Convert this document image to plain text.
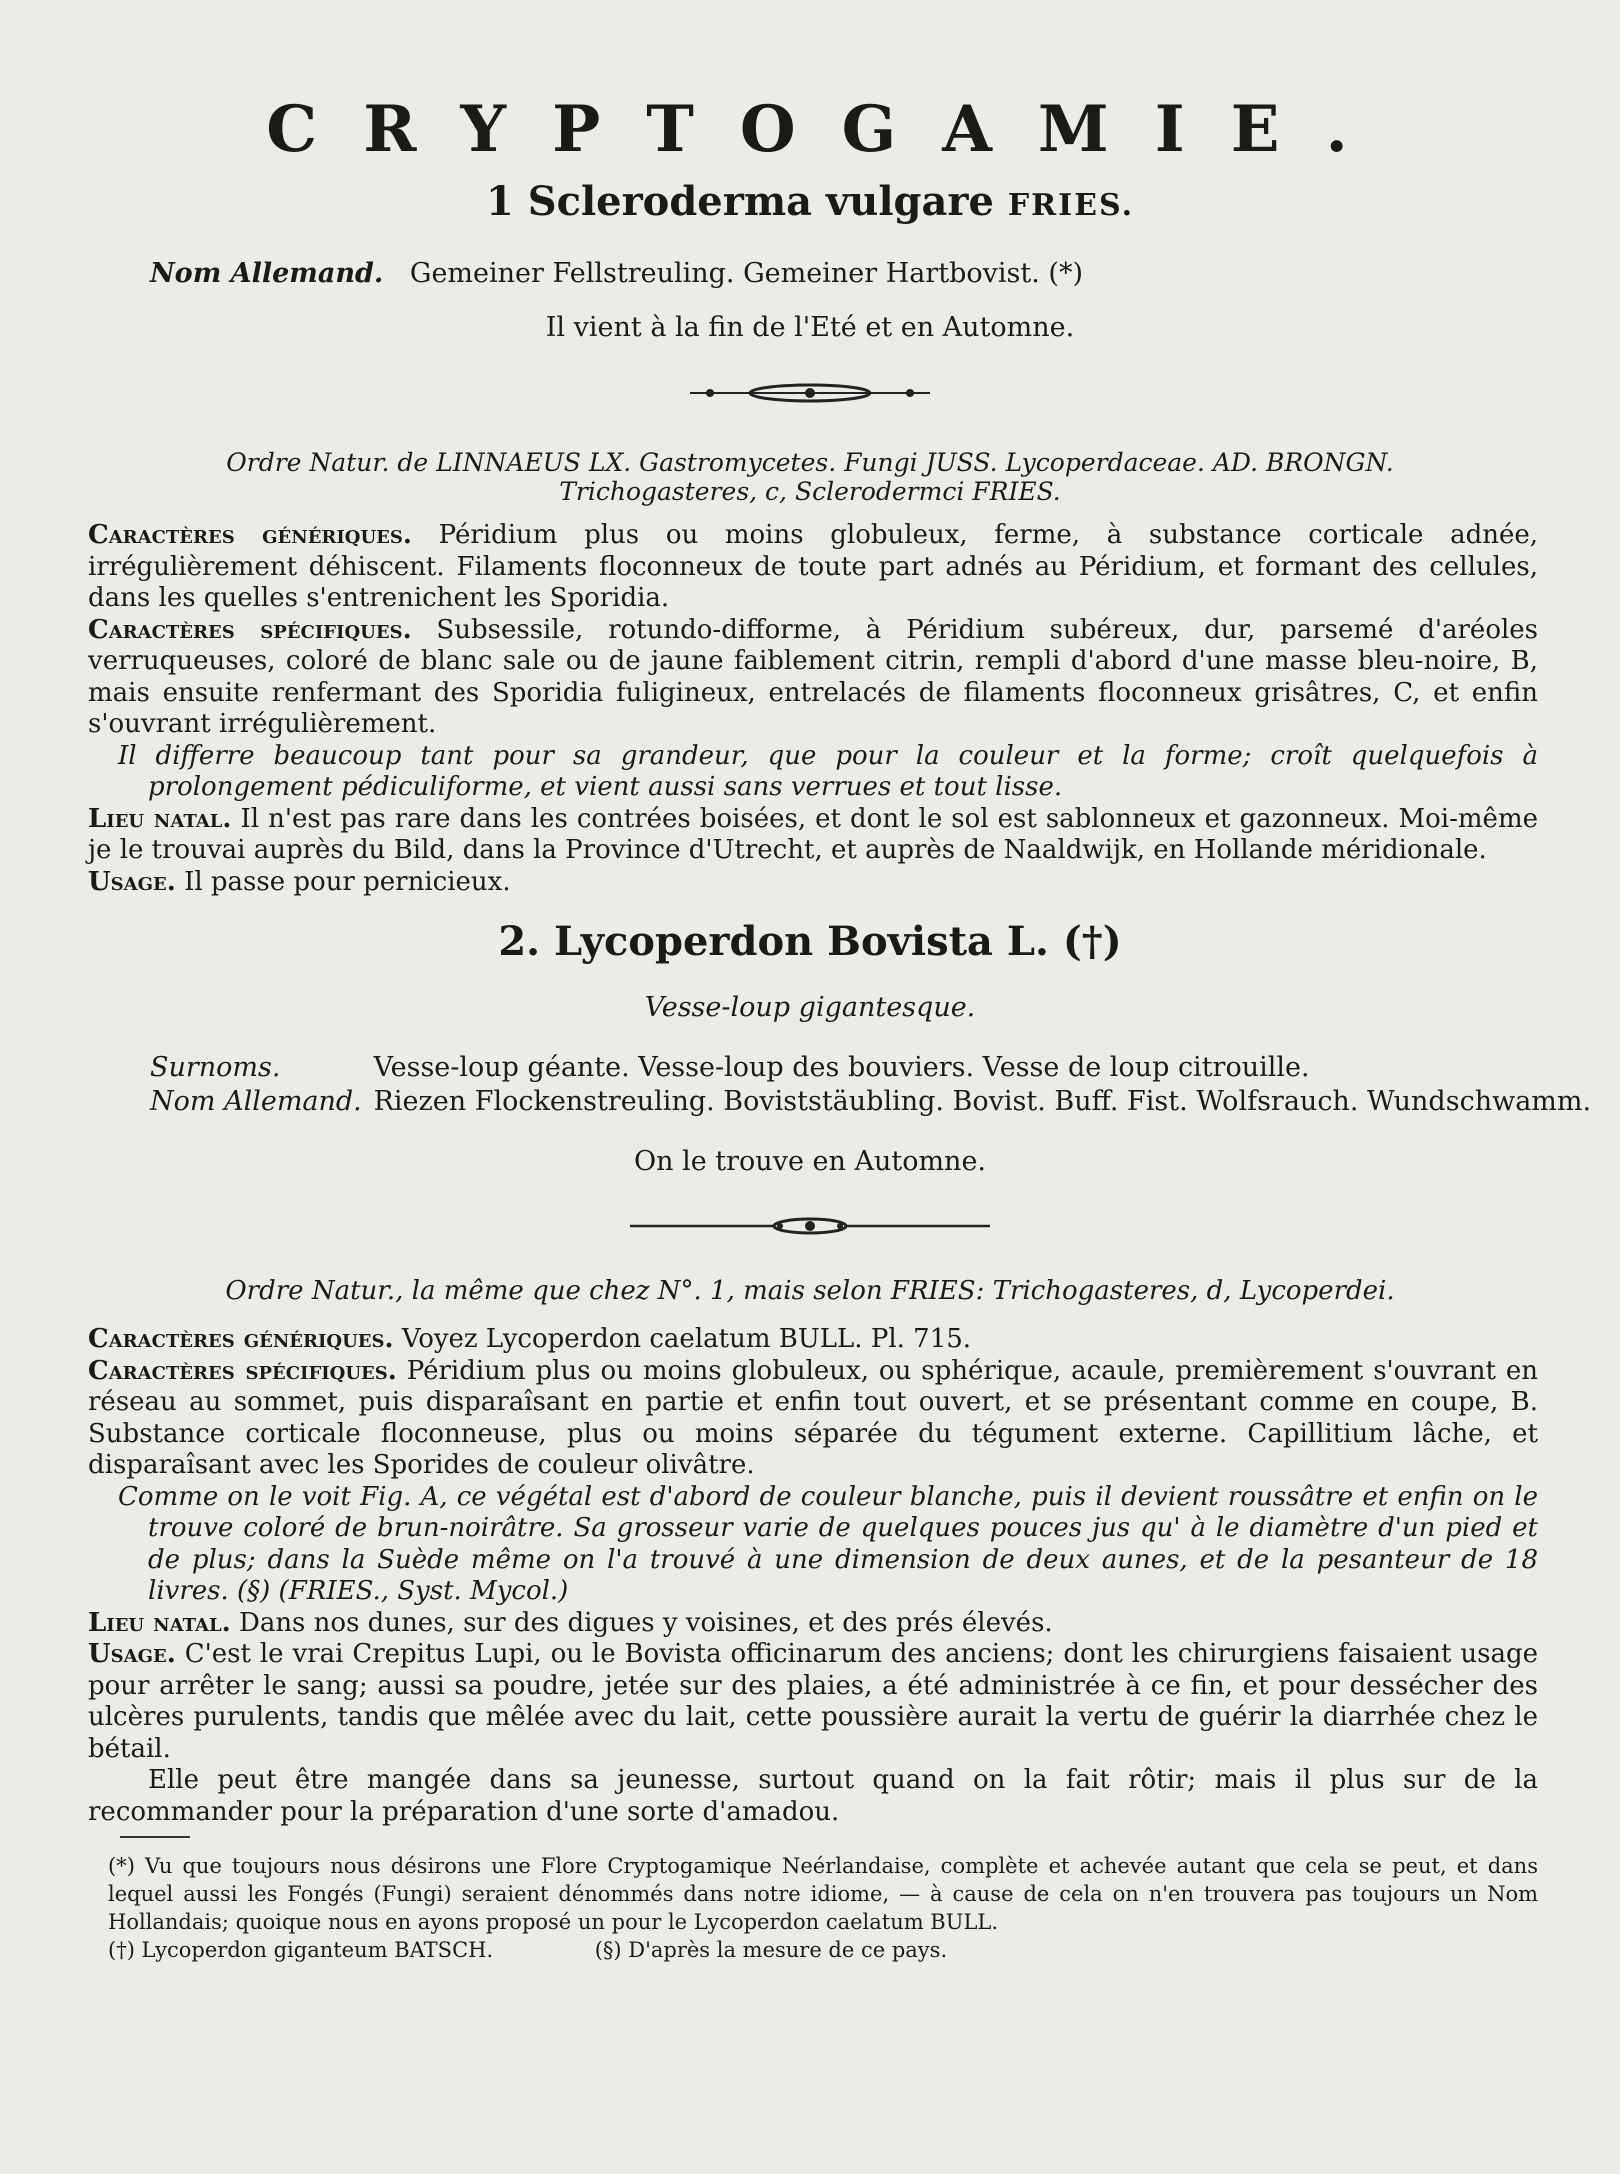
CRYPTOGAMIE.
1 Scleroderma vulgare FRIES.
Nom Allemand. Gemeiner Fellstreuling. Gemeiner Hartbovist. (*)
Il vient à la fin de l'Eté et en Automne.
Ordre Natur. de LINNAEUS LX. Gastromycetes. Fungi JUSS. Lycoperdaceae. AD. BRONGN.
Trichogasteres, c, Sclerodermci FRIES.

Caractères génériques. Péridium plus ou moins globuleux, ferme, à substance corticale adnée, irrégulièrement déhiscent. Filaments floconneux de toute part adnés au Péridium, et formant des cellules, dans les quelles s'entrenichent les Sporidia.

Caractères spécifiques. Subsessile, rotundo-difforme, à Péridium subéreux, dur, parsemé d'aréoles verruqueuses, coloré de blanc sale ou de jaune faiblement citrin, rempli d'abord d'une masse bleu-noire, B, mais ensuite renfermant des Sporidia fuligineux, entrelacés de filaments floconneux grisâtres, C, et enfin s'ouvrant irrégulièrement.

Il differre beaucoup tant pour sa grandeur, que pour la couleur et la forme; croît quelquefois à prolongement pédiculiforme, et vient aussi sans verrues et tout lisse.

Lieu natal. Il n'est pas rare dans les contrées boisées, et dont le sol est sablonneux et gazonneux. Moi-même je le trouvai auprès du Bild, dans la Province d'Utrecht, et auprès de Naaldwijk, en Hollande méridionale.

Usage. Il passe pour pernicieux.

2. Lycoperdon Bovista L. (†)
Vesse-loup gigantesque.
Surnoms.	Vesse-loup géante. Vesse-loup des bouviers. Vesse de loup citrouille.
Nom Allemand. Riezen Flockenstreuling. Boviststäubling. Bovist. Buff. Fist. Wolfsrauch. Wundschwamm.
On le trouve en Automne.
Ordre Natur., la même que chez N°. 1, mais selon FRIES: Trichogasteres, d, Lycoperdei.

Caractères génériques. Voyez Lycoperdon caelatum BULL. Pl. 715.

Caractères spécifiques. Péridium plus ou moins globuleux, ou sphérique, acaule, premièrement s'ouvrant en réseau au sommet, puis disparaîsant en partie et enfin tout ouvert, et se présentant comme en coupe, B. Substance corticale floconneuse, plus ou moins séparée du tégument externe. Capillitium lâche, et disparaîsant avec les Sporides de couleur olivâtre.

Comme on le voit Fig. A, ce végétal est d'abord de couleur blanche, puis il devient roussâtre et enfin on le trouve coloré de brun-noirâtre. Sa grosseur varie de quelques pouces jus qu' à le diamètre d'un pied et de plus; dans la Suède même on l'a trouvé à une dimension de deux aunes, et de la pesanteur de 18 livres. (§) (FRIES., Syst. Mycol.)

Lieu natal. Dans nos dunes, sur des digues y voisines, et des prés élevés.

Usage. C'est le vrai Crepitus Lupi, ou le Bovista officinarum des anciens; dont les chirurgiens faisaient usage pour arrêter le sang; aussi sa poudre, jetée sur des plaies, a été administrée à ce fin, et pour dessécher des ulcères purulents, tandis que mêlée avec du lait, cette poussière aurait la vertu de guérir la diarrhée chez le bétail.

Elle peut être mangée dans sa jeunesse, surtout quand on la fait rôtir; mais il plus sur de la recommander pour la préparation d'une sorte d'amadou.

(*) Vu que toujours nous désirons une Flore Cryptogamique Neérlandaise, complète et achevée autant que cela se peut, et dans lequel aussi les Fongés (Fungi) seraient dénommés dans notre idiome, — à cause de cela on n'en trouvera pas toujours un Nom Hollandais; quoique nous en ayons proposé un pour le Lycoperdon caelatum BULL.

(†) Lycoperdon giganteum BATSCH.	(§) D'après la mesure de ce pays.
